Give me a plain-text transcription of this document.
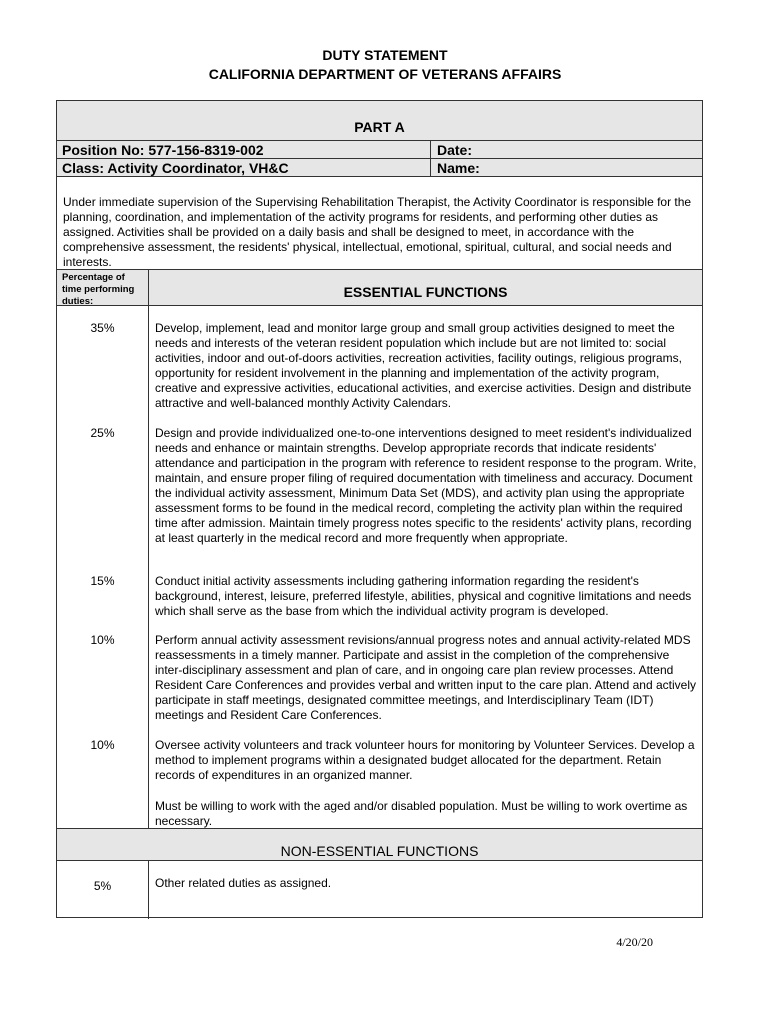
DUTY STATEMENT
CALIFORNIA DEPARTMENT OF VETERANS AFFAIRS
PART A
Position No: 577-156-8319-002	Date:
Class: Activity Coordinator, VH&C	Name:
Under immediate supervision of the Supervising Rehabilitation Therapist, the Activity Coordinator is responsible for the planning, coordination, and implementation of the activity programs for residents, and performing other duties as assigned. Activities shall be provided on a daily basis and shall be designed to meet, in accordance with the comprehensive assessment, the residents' physical, intellectual, emotional, spiritual, cultural, and social needs and interests.
Percentage of time performing duties:
ESSENTIAL FUNCTIONS
35%	Develop, implement, lead and monitor large group and small group activities designed to meet the needs and interests of the veteran resident population which include but are not limited to: social activities, indoor and out-of-doors activities, recreation activities, facility outings, religious programs, opportunity for resident involvement in the planning and implementation of the activity program, creative and expressive activities, educational activities, and exercise activities. Design and distribute attractive and well-balanced monthly Activity Calendars.
25%	Design and provide individualized one-to-one interventions designed to meet resident's individualized needs and enhance or maintain strengths. Develop appropriate records that indicate residents' attendance and participation in the program with reference to resident response to the program. Write, maintain, and ensure proper filing of required documentation with timeliness and accuracy. Document the individual activity assessment, Minimum Data Set (MDS), and activity plan using the appropriate assessment forms to be found in the medical record, completing the activity plan within the required time after admission. Maintain timely progress notes specific to the residents' activity plans, recording at least quarterly in the medical record and more frequently when appropriate.
15%	Conduct initial activity assessments including gathering information regarding the resident's background, interest, leisure, preferred lifestyle, abilities, physical and cognitive limitations and needs which shall serve as the base from which the individual activity program is developed.
10%	Perform annual activity assessment revisions/annual progress notes and annual activity-related MDS reassessments in a timely manner. Participate and assist in the completion of the comprehensive inter-disciplinary assessment and plan of care, and in ongoing care plan review processes. Attend Resident Care Conferences and provides verbal and written input to the care plan. Attend and actively participate in staff meetings, designated committee meetings, and Interdisciplinary Team (IDT) meetings and Resident Care Conferences.
10%	Oversee activity volunteers and track volunteer hours for monitoring by Volunteer Services. Develop a method to implement programs within a designated budget allocated for the department. Retain records of expenditures in an organized manner.
Must be willing to work with the aged and/or disabled population. Must be willing to work overtime as necessary.
NON-ESSENTIAL FUNCTIONS
5%	Other related duties as assigned.
4/20/20
